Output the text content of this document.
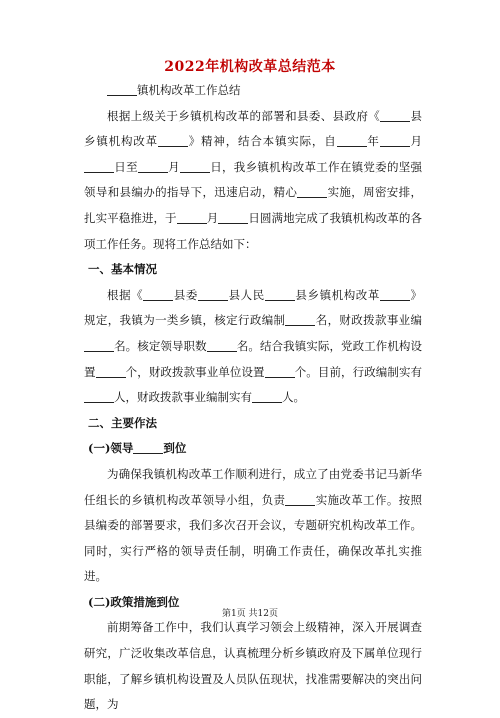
2022年机构改革总结范本

镇机构改革工作总结

根据上级关于乡镇机构改革的部署和县委、县政府《	县乡镇机构改革	》精神，结合本镇实际，自	年	月日至	月	日，我乡镇机构改革工作在镇党委的坚强领导和县编办的指导下，迅速启动，精心	实施，周密安排，扎实平稳推进，于	月	日圆满地完成了我镇机构改革的各项工作任务。现将工作总结如下：

一、基本情况

根据《	县委	县人民	县乡镇机构改革	》规定，我镇为一类乡镇，核定行政编制	名，财政拨款事业编名。核定领导职数	名。结合我镇实际，党政工作机构设置	个，财政拨款事业单位设置	个。目前，行政编制实有人，财政拨款事业编制实有	人。

二、主要作法

(一)领导	到位

为确保我镇机构改革工作顺利进行，成立了由党委书记马新华任组长的乡镇机构改革领导小组，负责	实施改革工作。按照县编委的部署要求，我们多次召开会议，专题研究机构改革工作。同时，实行严格的领导责任制，明确工作责任，确保改革扎实推进。

(二)政策措施到位

前期筹备工作中，我们认真学习领会上级精神，深入开展调查研究，广泛收集改革信息，认真梳理分析乡镇政府及下属单位现行职能，了解乡镇机构设置及人员队伍现状，找准需要解决的突出问题，为

第1页 共12页
